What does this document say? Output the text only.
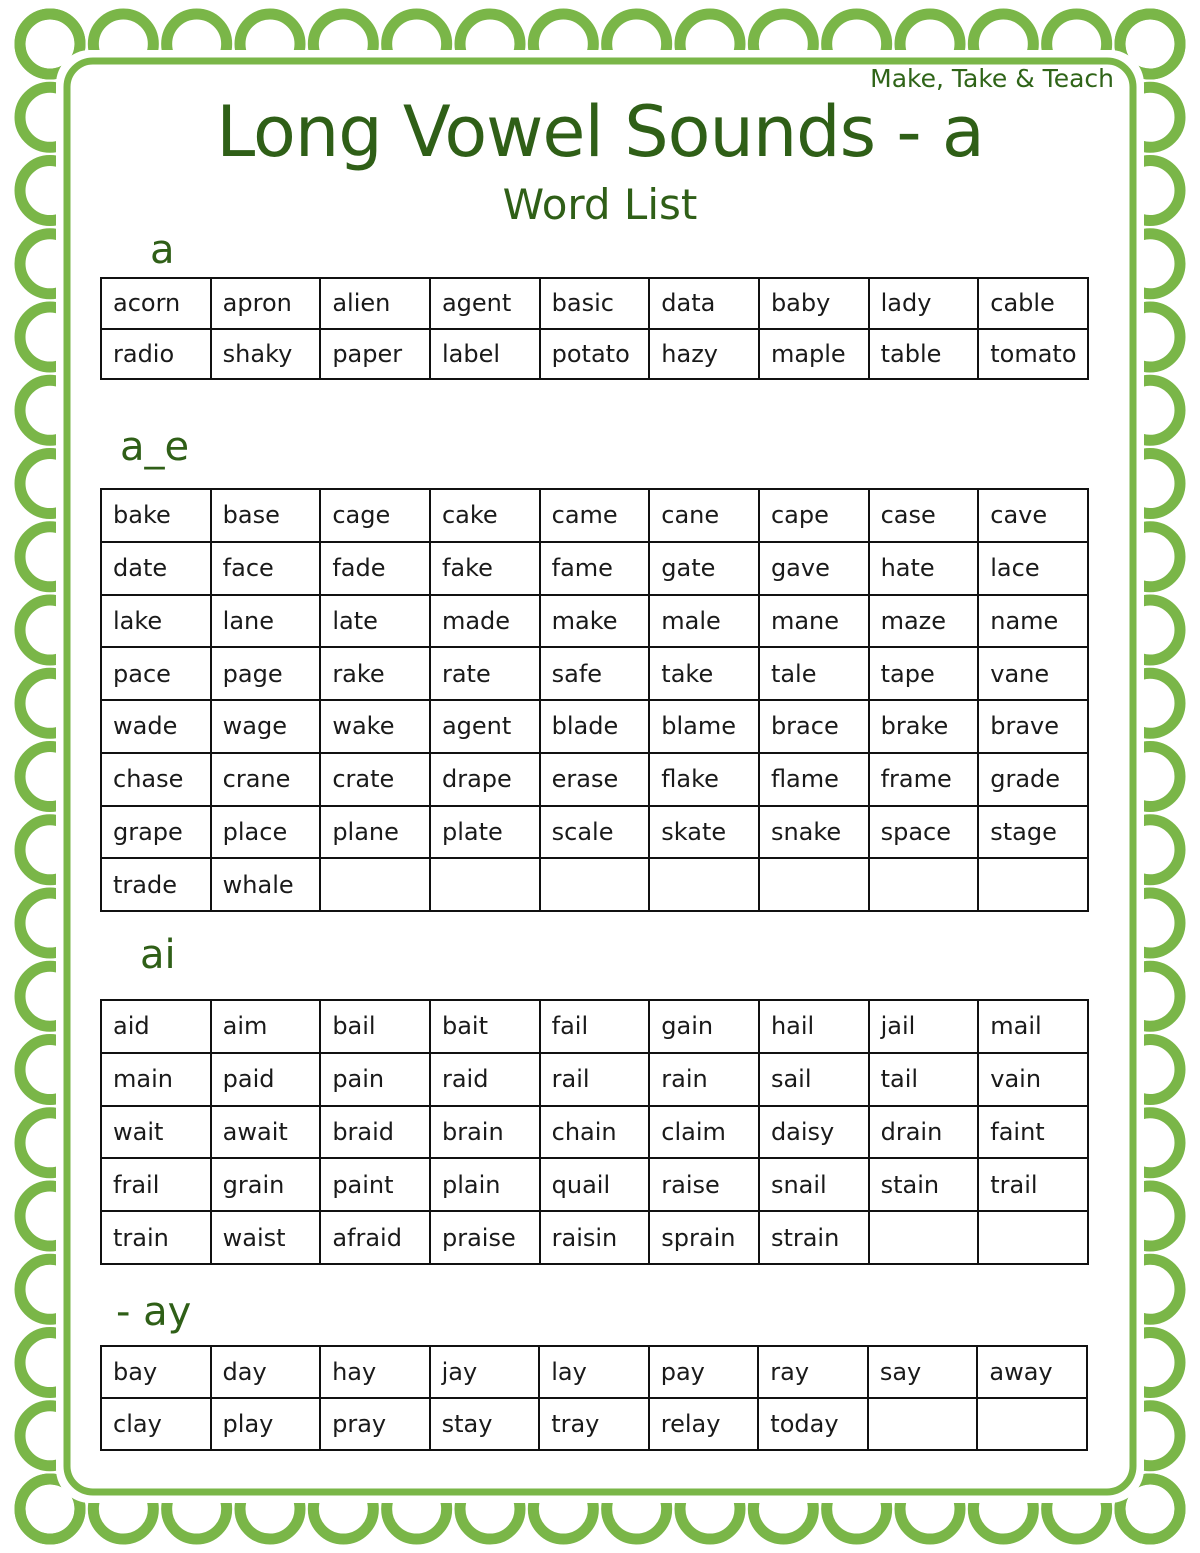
Make, Take & Teach
Long Vowel Sounds - a
Word List
a
acorn	apron	alien	agent	basic	data	baby	lady	cable
radio	shaky	paper	label	potato	hazy	maple	table	tomato
a_e
bake	base	cage	cake	came	cane	cape	case	cave
date	face	fade	fake	fame	gate	gave	hate	lace
lake	lane	late	made	make	male	mane	maze	name
pace	page	rake	rate	safe	take	tale	tape	vane
wade	wage	wake	agent	blade	blame	brace	brake	brave
chase	crane	crate	drape	erase	flake	flame	frame	grade
grape	place	plane	plate	scale	skate	snake	space	stage
trade	whale							
ai
aid	aim	bail	bait	fail	gain	hail	jail	mail
main	paid	pain	raid	rail	rain	sail	tail	vain
wait	await	braid	brain	chain	claim	daisy	drain	faint
frail	grain	paint	plain	quail	raise	snail	stain	trail
train	waist	afraid	praise	raisin	sprain	strain		
- ay
bay	day	hay	jay	lay	pay	ray	say	away
clay	play	pray	stay	tray	relay	today		
